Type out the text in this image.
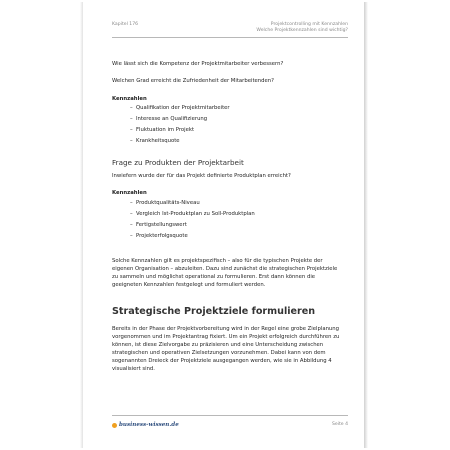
Kapitel 176	Projektcontrolling mit Kennzahlen
Welche Projektkennzahlen sind wichtig?
Wie lässt sich die Kompetenz der Projektmitarbeiter verbessern?
Welchen Grad erreicht die Zufriedenheit der Mitarbeitenden?
Kennzahlen
– Qualifikation der Projektmitarbeiter
– Interesse an Qualifizierung
– Fluktuation im Projekt
– Krankheitsquote
Frage zu Produkten der Projektarbeit
Inwiefern wurde der für das Projekt definierte Produktplan erreicht?
Kennzahlen
– Produktqualitäts-Niveau
– Vergleich Ist-Produktplan zu Soll-Produktplan
– Fertigstellungswert
– Projekterfolgsquote
Solche Kennzahlen gilt es projektspezifisch – also für die typischen Projekte der
eigenen Organisation – abzuleiten. Dazu sind zunächst die strategischen Projektziele
zu sammeln und möglichst operational zu formulieren. Erst dann können die
geeigneten Kennzahlen festgelegt und formuliert werden.
Strategische Projektziele formulieren
Bereits in der Phase der Projektvorbereitung wird in der Regel eine grobe Zielplanung
vorgenommen und im Projektantrag fixiert. Um ein Projekt erfolgreich durchführen zu
können, ist diese Zielvorgabe zu präzisieren und eine Unterscheidung zwischen
strategischen und operativen Zielsetzungen vorzunehmen. Dabei kann von dem
sogenannten Dreieck der Projektziele ausgegangen werden, wie sie in Abbildung 4
visualisiert sind.
business-wissen.de	Seite 4
